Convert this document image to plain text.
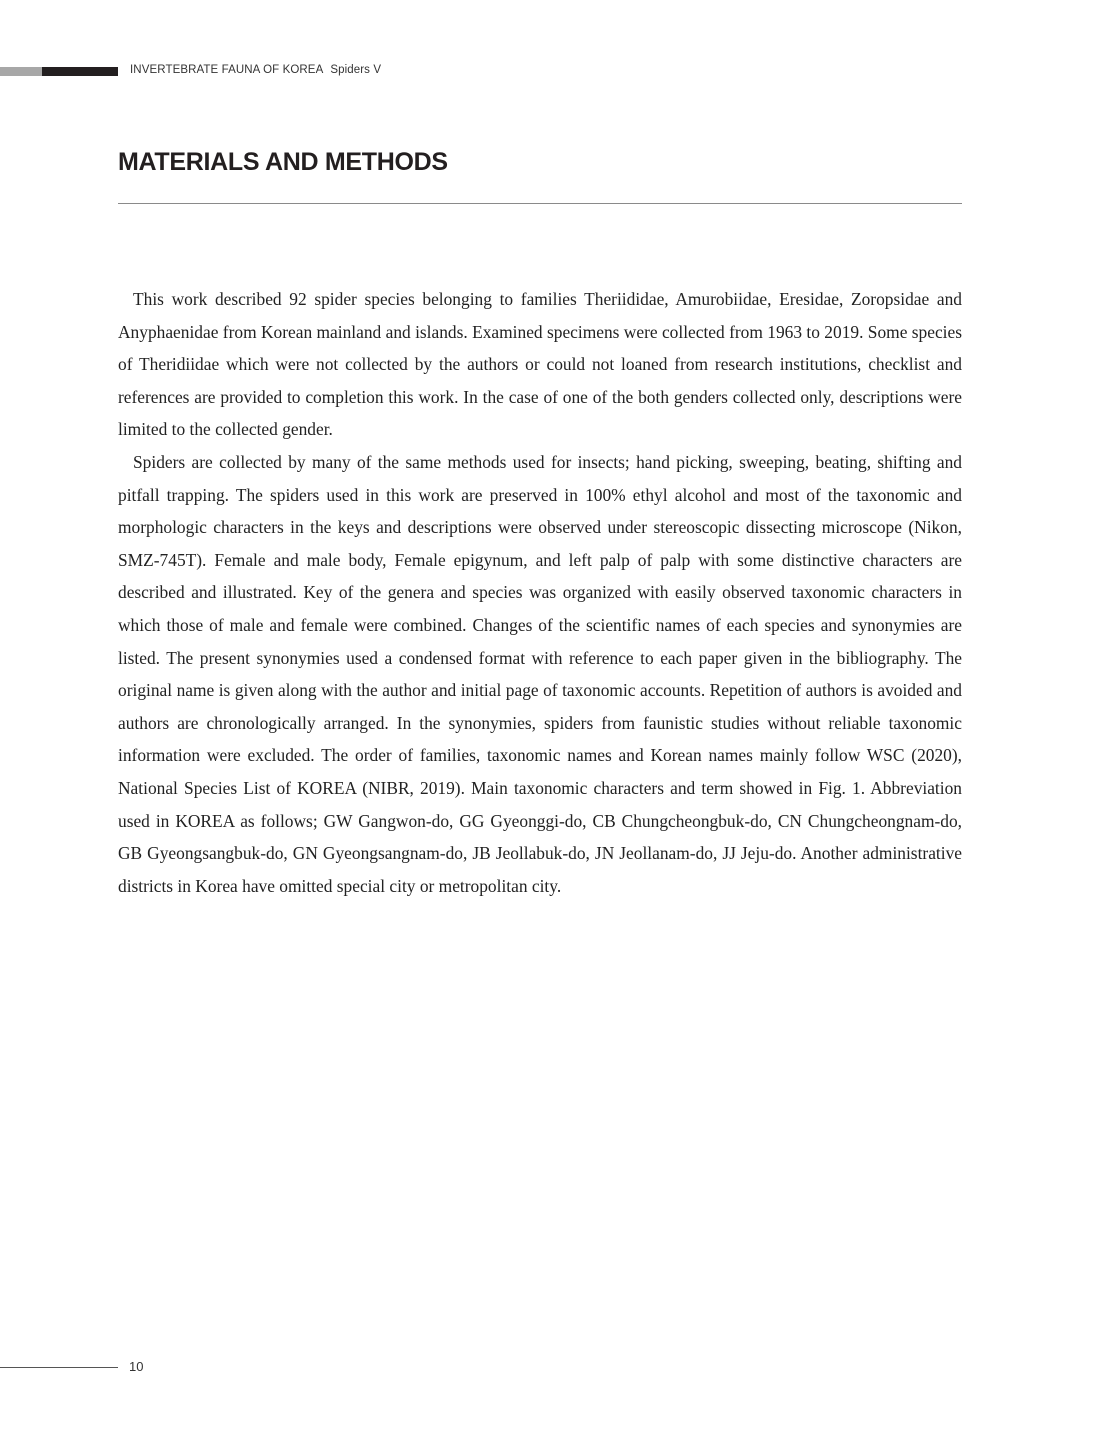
INVERTEBRATE FAUNA OF KOREA Spiders V
MATERIALS AND METHODS

This work described 92 spider species belonging to families Theriididae, Amurobiidae, Eresidae, Zoropsidae and Anyphaenidae from Korean mainland and islands. Examined specimens were collected from 1963 to 2019. Some species of Theridiidae which were not collected by the authors or could not loaned from research institutions, checklist and references are provided to completion this work. In the case of one of the both genders collected only, descriptions were limited to the collected gender.

Spiders are collected by many of the same methods used for insects; hand picking, sweeping, beating, shifting and pitfall trapping. The spiders used in this work are preserved in 100% ethyl alcohol and most of the taxonomic and morphologic characters in the keys and descriptions were observed under stereoscopic dissecting microscope (Nikon, SMZ-745T). Female and male body, Female epigynum, and left palp of palp with some distinctive characters are described and illustrated. Key of the genera and species was organized with easily observed taxonomic characters in which those of male and female were combined. Changes of the scientific names of each species and synonymies are listed. The present synonymies used a condensed format with reference to each paper given in the bibliography. The original name is given along with the author and initial page of taxonomic accounts. Repetition of authors is avoided and authors are chronologically arranged. In the synonymies, spiders from faunistic studies without reliable taxonomic information were excluded. The order of families, taxonomic names and Korean names mainly follow WSC (2020), National Species List of KOREA (NIBR, 2019). Main taxonomic characters and term showed in Fig. 1. Abbreviation used in KOREA as follows; GW Gangwon-do, GG Gyeonggi-do, CB Chungcheongbuk-do, CN Chungcheongnam-do, GB Gyeongsangbuk-do, GN Gyeongsangnam-do, JB Jeollabuk-do, JN Jeollanam-do, JJ Jeju-do. Another administrative districts in Korea have omitted special city or metropolitan city.

10
